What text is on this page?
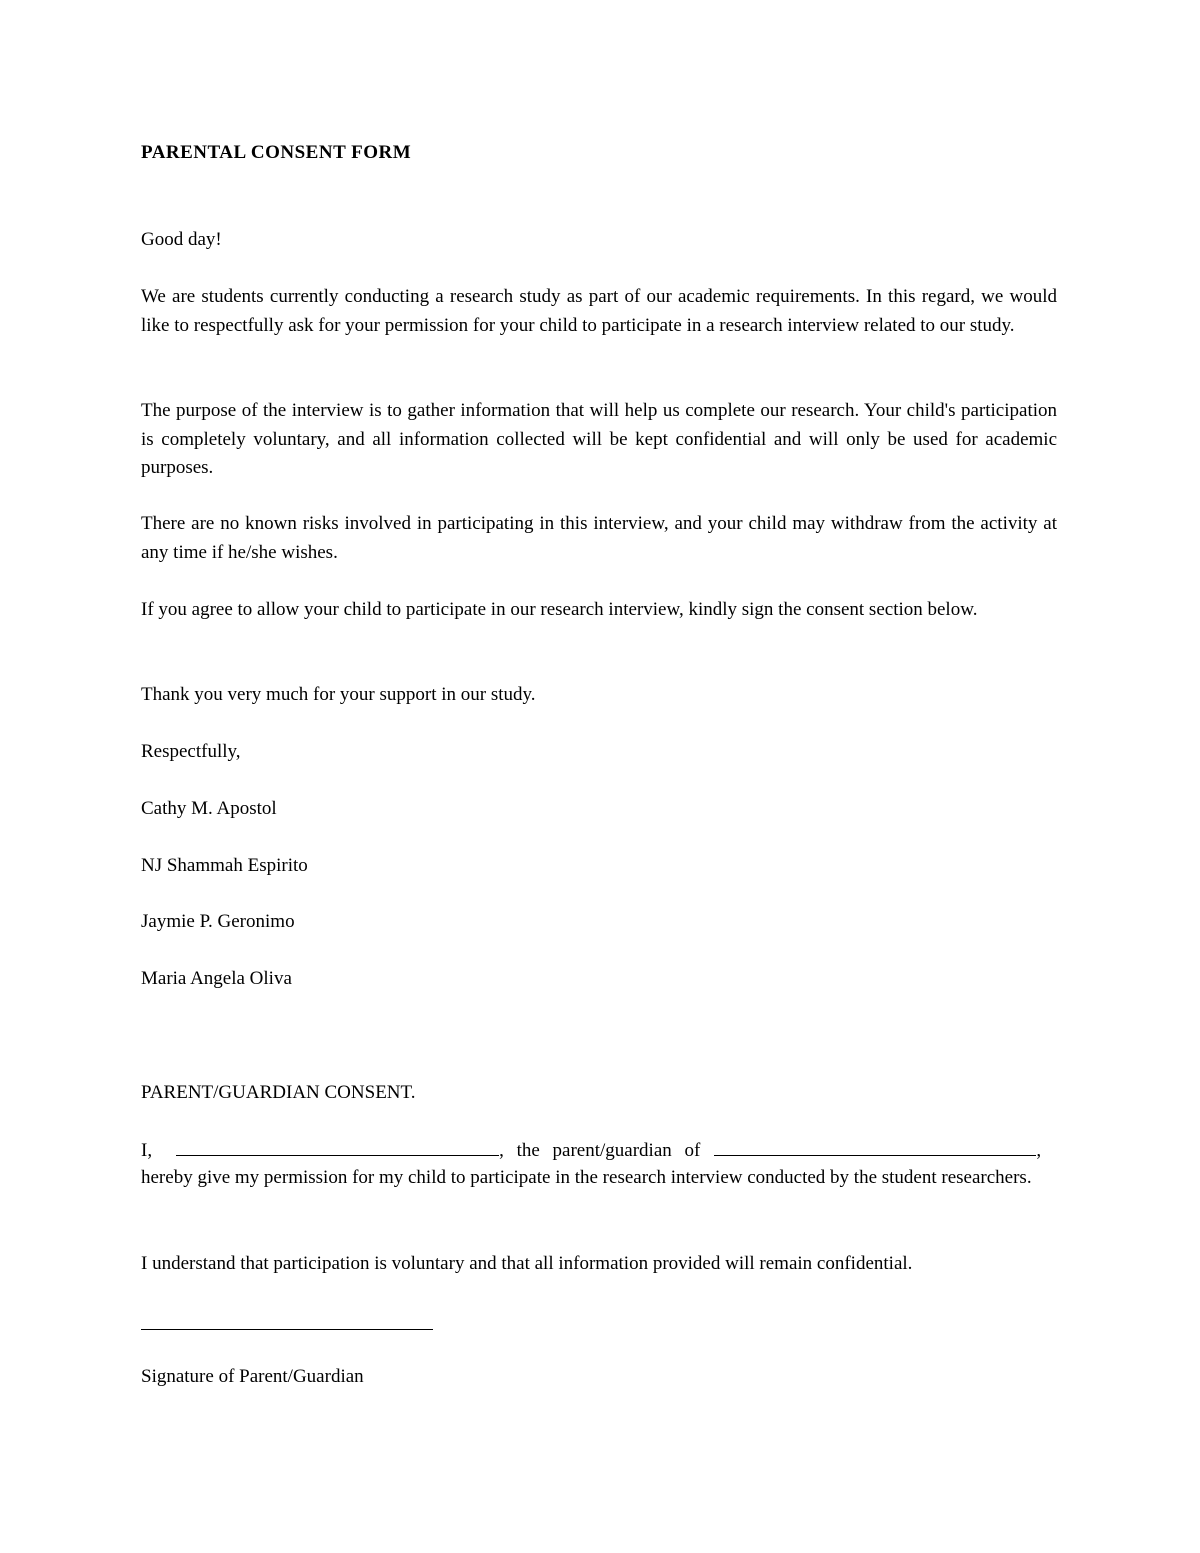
PARENTAL CONSENT FORM
Good day!
We are students currently conducting a research study as part of our academic requirements. In this regard, we would like to respectfully ask for your permission for your child to participate in a research interview related to our study.
The purpose of the interview is to gather information that will help us complete our research. Your child's participation is completely voluntary, and all information collected will be kept confidential and will only be used for academic purposes.
There are no known risks involved in participating in this interview, and your child may withdraw from the activity at any time if he/she wishes.
If you agree to allow your child to participate in our research interview, kindly sign the consent section below.
Thank you very much for your support in our study.
Respectfully,
Cathy M. Apostol
NJ Shammah Espirito
Jaymie P. Geronimo
Maria Angela Oliva
PARENT/GUARDIAN CONSENT.
I,	, the parent/guardian of	,
hereby give my permission for my child to participate in the research interview conducted by the student researchers.
I understand that participation is voluntary and that all information provided will remain confidential.
Signature of Parent/Guardian
